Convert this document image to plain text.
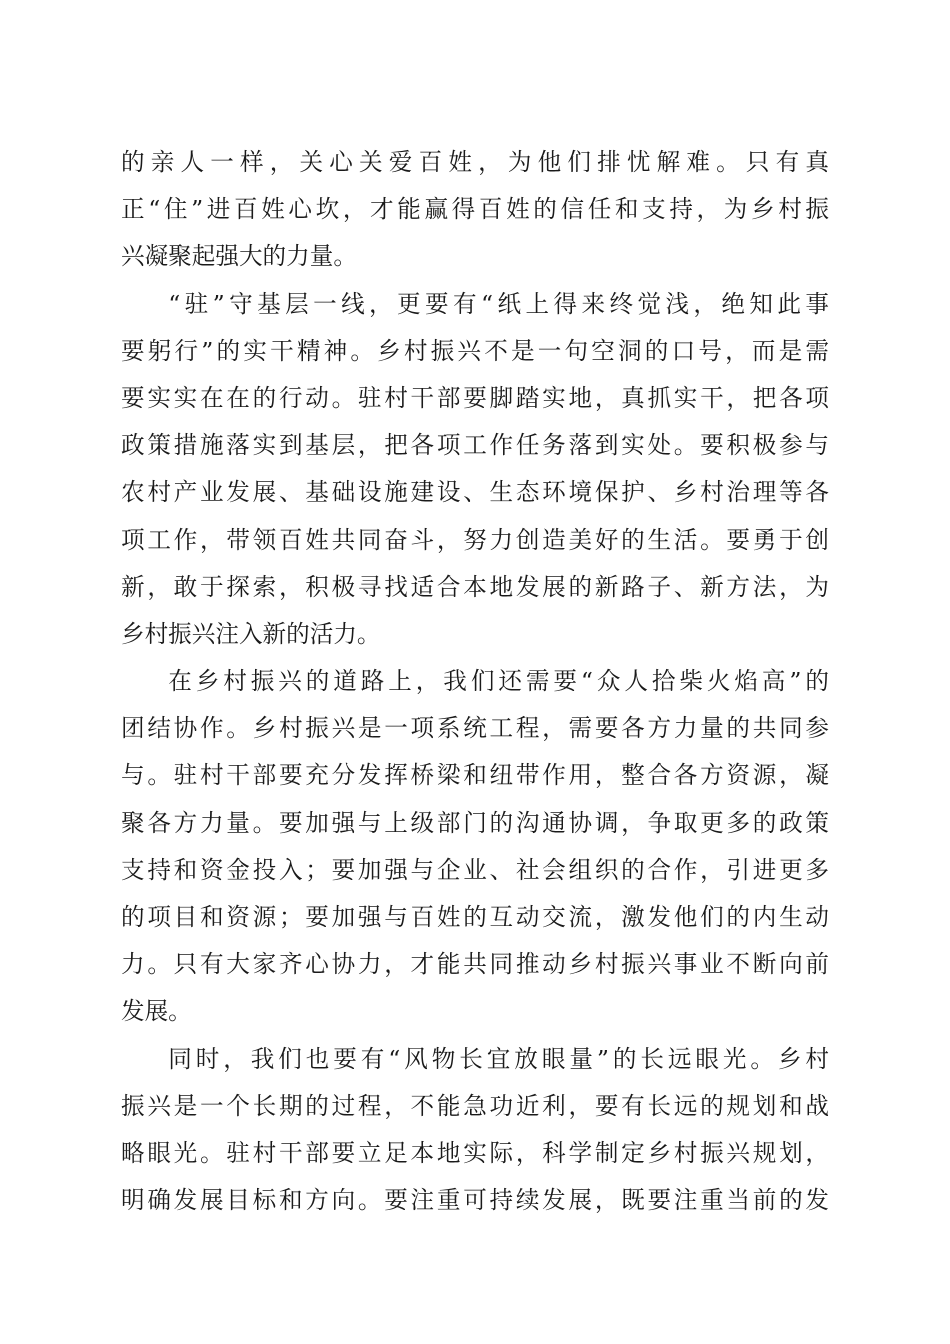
的亲人一样，关心关爱百姓，为他们排忧解难。只有真
正“住”进百姓心坎，才能赢得百姓的信任和支持，为乡村振
兴凝聚起强大的力量。
“驻”守基层一线，更要有“纸上得来终觉浅，绝知此事
要躬行”的实干精神。乡村振兴不是一句空洞的口号，而是需
要实实在在的行动。驻村干部要脚踏实地，真抓实干，把各项
政策措施落实到基层，把各项工作任务落到实处。要积极参与
农村产业发展、基础设施建设、生态环境保护、乡村治理等各
项工作，带领百姓共同奋斗，努力创造美好的生活。要勇于创
新，敢于探索，积极寻找适合本地发展的新路子、新方法，为
乡村振兴注入新的活力。
在乡村振兴的道路上，我们还需要“众人拾柴火焰高”的
团结协作。乡村振兴是一项系统工程，需要各方力量的共同参
与。驻村干部要充分发挥桥梁和纽带作用，整合各方资源，凝
聚各方力量。要加强与上级部门的沟通协调，争取更多的政策
支持和资金投入；要加强与企业、社会组织的合作，引进更多
的项目和资源；要加强与百姓的互动交流，激发他们的内生动
力。只有大家齐心协力，才能共同推动乡村振兴事业不断向前
发展。
同时，我们也要有“风物长宜放眼量”的长远眼光。乡村
振兴是一个长期的过程，不能急功近利，要有长远的规划和战
略眼光。驻村干部要立足本地实际，科学制定乡村振兴规划，
明确发展目标和方向。要注重可持续发展，既要注重当前的发
